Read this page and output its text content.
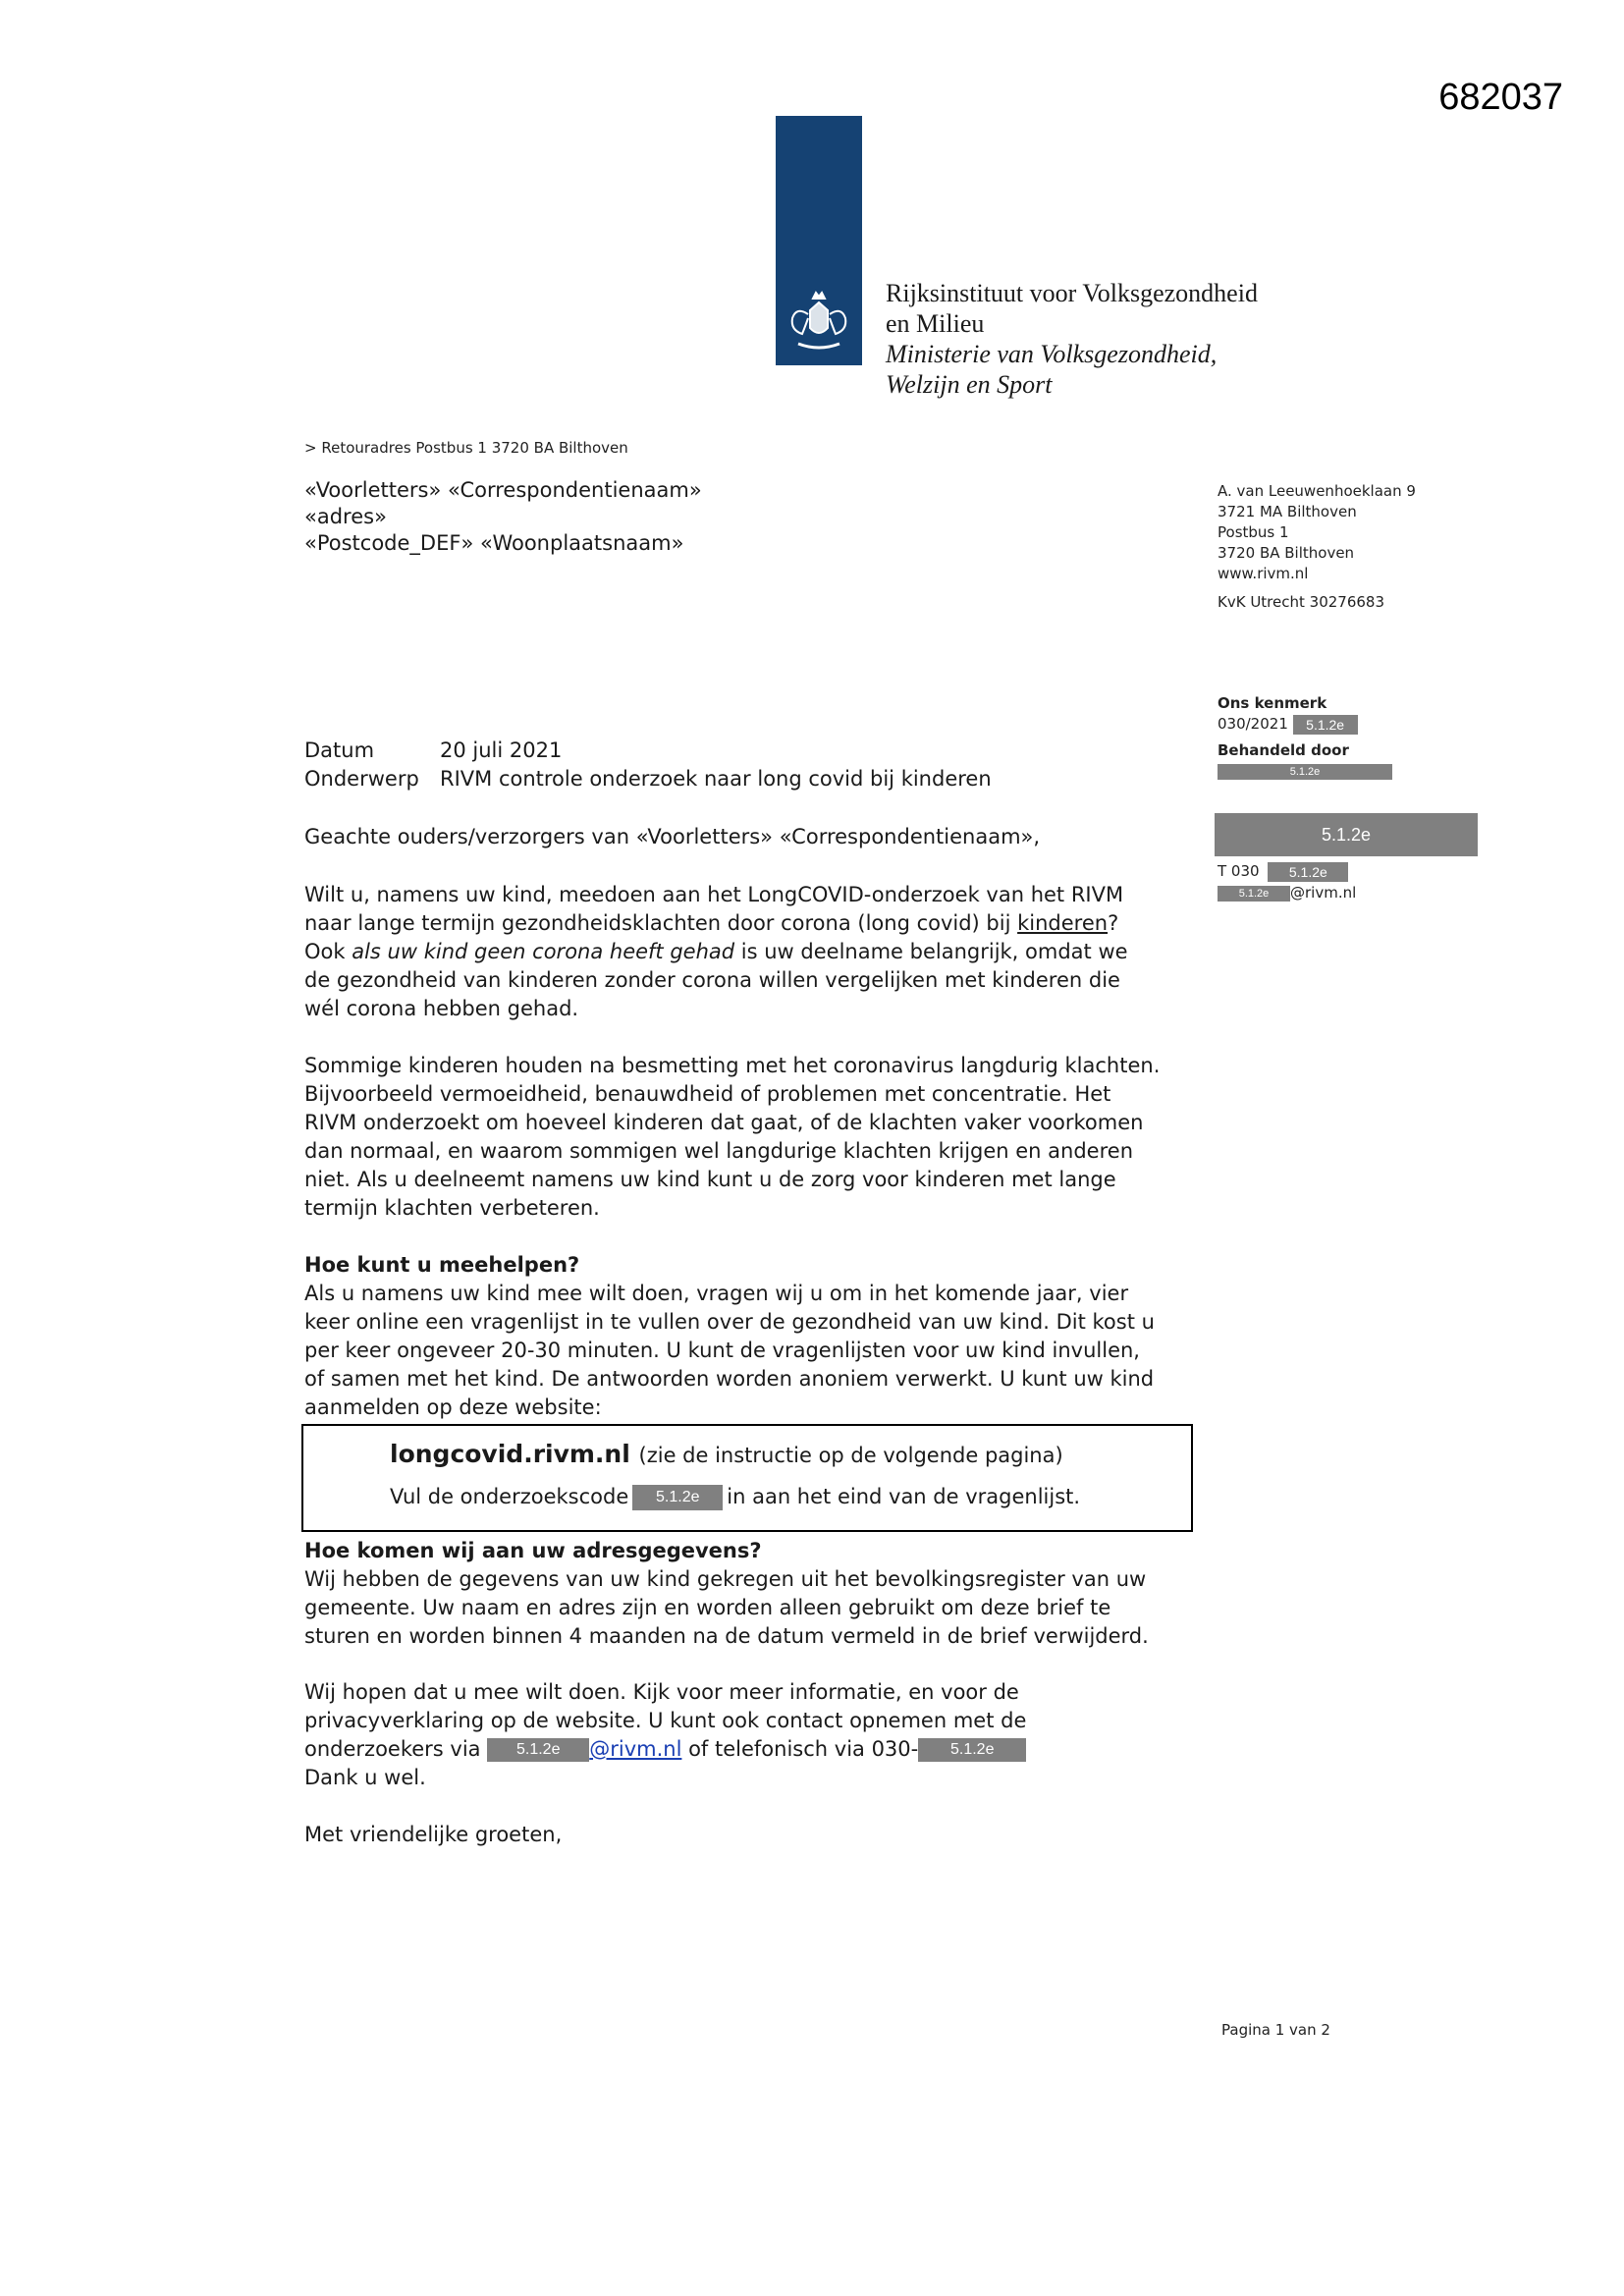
682037
Rijksinstituut voor Volksgezondheid
en Milieu
Ministerie van Volksgezondheid,
Welzijn en Sport
> Retouradres Postbus 1 3720 BA Bilthoven
«Voorletters» «Correspondentienaam»
«adres»
«Postcode_DEF» «Woonplaatsnaam»
A. van Leeuwenhoeklaan 9
3721 MA Bilthoven
Postbus 1
3720 BA Bilthoven
www.rivm.nl
KvK Utrecht 30276683
Ons kenmerk
030/2021 5.1.2e
Behandeld door
5.1.2e
5.1.2e
T 030 5.1.2e
5.1.2e @rivm.nl
Datum	20 juli 2021
Onderwerp RIVM controle onderzoek naar long covid bij kinderen
Geachte ouders/verzorgers van «Voorletters» «Correspondentienaam»,

Wilt u, namens uw kind, meedoen aan het LongCOVID-onderzoek van het RIVM

naar lange termijn gezondheidsklachten door corona (long covid) bij kinderen?

Ook als uw kind geen corona heeft gehad is uw deelname belangrijk, omdat we

de gezondheid van kinderen zonder corona willen vergelijken met kinderen die

wél corona hebben gehad.

Sommige kinderen houden na besmetting met het coronavirus langdurig klachten.

Bijvoorbeeld vermoeidheid, benauwdheid of problemen met concentratie. Het

RIVM onderzoekt om hoeveel kinderen dat gaat, of de klachten vaker voorkomen

dan normaal, en waarom sommigen wel langdurige klachten krijgen en anderen

niet. Als u deelneemt namens uw kind kunt u de zorg voor kinderen met lange

termijn klachten verbeteren.

Hoe kunt u meehelpen?

Als u namens uw kind mee wilt doen, vragen wij u om in het komende jaar, vier

keer online een vragenlijst in te vullen over de gezondheid van uw kind. Dit kost u

per keer ongeveer 20-30 minuten. U kunt de vragenlijsten voor uw kind invullen,

of samen met het kind. De antwoorden worden anoniem verwerkt. U kunt uw kind

aanmelden op deze website:

longcovid.rivm.nl (zie de instructie op de volgende pagina)
Vul de onderzoekscode 5.1.2e in aan het eind van de vragenlijst.

Hoe komen wij aan uw adresgegevens?

Wij hebben de gegevens van uw kind gekregen uit het bevolkingsregister van uw

gemeente. Uw naam en adres zijn en worden alleen gebruikt om deze brief te

sturen en worden binnen 4 maanden na de datum vermeld in de brief verwijderd.

Wij hopen dat u mee wilt doen. Kijk voor meer informatie, en voor de

privacyverklaring op de website. U kunt ook contact opnemen met de

onderzoekers via 5.1.2e @rivm.nl of telefonisch via 030- 5.1.2e

Dank u wel.

Met vriendelijke groeten,
Pagina 1 van 2
